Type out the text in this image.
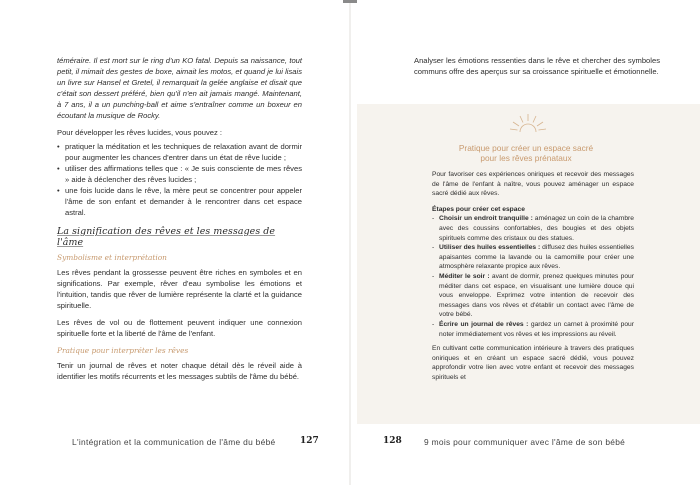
téméraire. Il est mort sur le ring d'un KO fatal. Depuis sa naissance, tout petit, il mimait des gestes de boxe, aimait les motos, et quand je lui lisais un livre sur Hansel et Gretel, il remarquait la gelée anglaise et disait que c'était son dessert préféré, bien qu'il n'en ait jamais mangé. Maintenant, à 7 ans, il a un punching-ball et aime s'entraîner comme un boxeur en écoutant la musique de Rocky.

Pour développer les rêves lucides, vous pouvez :

• pratiquer la méditation et les techniques de relaxation avant de dormir pour augmenter les chances d'entrer dans un état de rêve lucide ;
• utiliser des affirmations telles que : « Je suis consciente de mes rêves » aide à déclencher des rêves lucides ;
• une fois lucide dans le rêve, la mère peut se concentrer pour appeler l'âme de son enfant et demander à le rencontrer dans cet espace astral.
La signification des rêves et les messages de l'âme
Symbolisme et interprétation

Les rêves pendant la grossesse peuvent être riches en symboles et en significations. Par exemple, rêver d'eau symbolise les émotions et l'intuition, tandis que rêver de lumière représente la clarté et la guidance spirituelle.

Les rêves de vol ou de flottement peuvent indiquer une connexion spirituelle forte et la liberté de l'âme de l'enfant.

Pratique pour interpréter les rêves

Tenir un journal de rêves et noter chaque détail dès le réveil aide à identifier les motifs récurrents et les messages subtils de l'âme du bébé.

L'intégration et la communication de l'âme du bébé	127

Analyser les émotions ressenties dans le rêve et chercher des symboles communs offre des aperçus sur sa croissance spirituelle et émotionnelle.

Pratique pour créer un espace sacré
pour les rêves prénataux

Pour favoriser ces expériences oniriques et recevoir des messages de l'âme de l'enfant à naître, vous pouvez aménager un espace sacré dédié aux rêves.

Étapes pour créer cet espace

- Choisir un endroit tranquille : aménagez un coin de la chambre avec des coussins confortables, des bougies et des objets spirituels comme des cristaux ou des statues.
- Utiliser des huiles essentielles : diffusez des huiles essentielles apaisantes comme la lavande ou la camomille pour créer une atmosphère relaxante propice aux rêves.
- Méditer le soir : avant de dormir, prenez quelques minutes pour méditer dans cet espace, en visualisant une lumière douce qui vous enveloppe. Exprimez votre intention de recevoir des messages dans vos rêves et d'établir un contact avec l'âme de votre bébé.
- Écrire un journal de rêves : gardez un carnet à proximité pour noter immédiatement vos rêves et les impressions au réveil.

En cultivant cette communication intérieure à travers des pratiques oniriques et en créant un espace sacré dédié, vous pouvez approfondir votre lien avec votre enfant et recevoir des messages spirituels et

128	9 mois pour communiquer avec l'âme de son bébé
